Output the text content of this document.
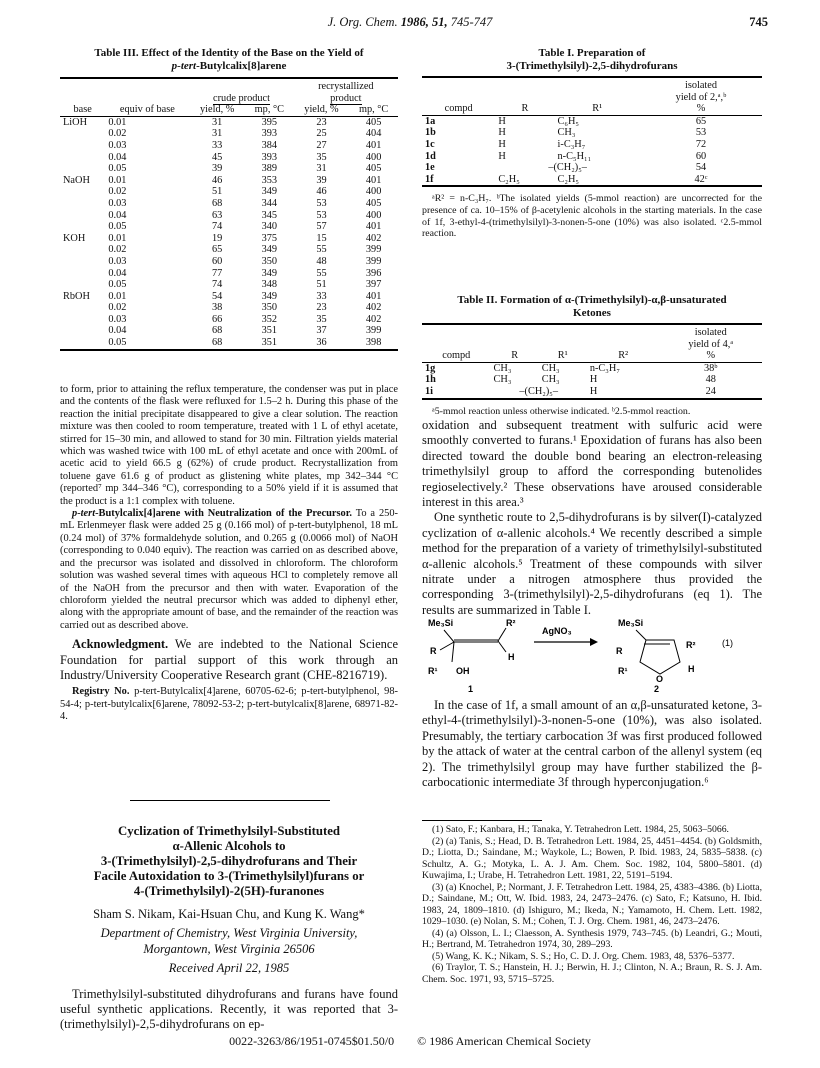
J. Org. Chem. 1986, 51, 745-747	745
Table III. Effect of the Identity of the Base on the Yield of
p-tert-Butylcalix[8]arene
				recrystallized	
		crude product		product	
base	equiv of base	yield, %	mp, °C	yield, %	mp, °C
LiOH	0.01	31	395	23	405
	0.02	31	393	25	404
	0.03	33	384	27	401
	0.04	45	393	35	400
	0.05	39	389	31	405
NaOH	0.01	46	353	39	401
	0.02	51	349	46	400
	0.03	68	344	53	405
	0.04	63	345	53	400
	0.05	74	340	57	401
KOH	0.01	19	375	15	402
	0.02	65	349	55	399
	0.03	60	350	48	399
	0.04	77	349	55	396
	0.05	74	348	51	397
RbOH	0.01	54	349	33	401
	0.02	38	350	23	402
	0.03	66	352	35	402
	0.04	68	351	37	399
	0.05	68	351	36	398

to form, prior to attaining the reflux temperature, the condenser was put in place and the contents of the flask were refluxed for 1.5–2 h. During this phase of the reaction the initial precipitate disappeared to give a clear solution. The reaction mixture was then cooled to room temperature, treated with 1 L of ethyl acetate, stirred for 15–30 min, and allowed to stand for 30 min. Filtration yields material which was washed twice with 100 mL of ethyl acetate and once with 200mL of acetic acid to yield 66.5 g (62%) of crude product. Recrystallization from toluene gave 61.6 g of product as glistening white plates, mp 342–344 °C (reported⁷ mp 344–346 °C), corresponding to a 50% yield if it is assumed that the product is a 1:1 complex with toluene.

p-tert-Butylcalix[4]arene with Neutralization of the Precursor. To a 250-mL Erlenmeyer flask were added 25 g (0.166 mol) of p-tert-butylphenol, 18 mL (0.24 mol) of 37% formaldehyde solution, and 0.265 g (0.0066 mol) of NaOH (corresponding to 0.040 equiv). The reaction was carried on as described above, and the precursor was isolated and dissolved in chloroform. The chloroform solution was washed several times with aqueous HCl to completely remove all of the NaOH from the precursor and then with water. Evaporation of the chloroform yielded the neutral precursor which was added to diphenyl ether, along with the appropriate amount of base, and the remainder of the reaction was carried out as described above.

Acknowledgment. We are indebted to the National Science Foundation for partial support of this work through an Industry/University Cooperative Research grant (CHE-8216719).

Registry No. p-tert-Butylcalix[4]arene, 60705-62-6; p-tert-butylphenol, 98-54-4; p-tert-butylcalix[6]arene, 78092-53-2; p-tert-butylcalix[8]arene, 68971-82-4.

Cyclization of Trimethylsilyl-Substituted
α-Allenic Alcohols to
3-(Trimethylsilyl)-2,5-dihydrofurans and Their
Facile Autoxidation to 3-(Trimethylsilyl)furans or
4-(Trimethylsilyl)-2(5H)-furanones
Sham S. Nikam, Kai-Hsuan Chu, and Kung K. Wang*
Department of Chemistry, West Virginia University,
Morgantown, West Virginia 26506
Received April 22, 1985

Trimethylsilyl-substituted dihydrofurans and furans have found useful synthetic applications. Recently, it was reported that 3-(trimethylsilyl)-2,5-dihydrofurans on ep-

Table I. Preparation of
3-(Trimethylsilyl)-2,5-dihydrofurans
			isolated
			yield of 2,ᵃ,ᵇ
compd	R	R¹	%
1a	H	C₆H₅	65
1b	H	CH₃	53
1c	H	i-C₃H₇	72
1d	H	n-C₅H₁₁	60
1e	–(CH₂)₅–		54
1f	C₂H₅	C₂H₅	42ᶜ

ᵃR² = n-C₃H₇. ᵇThe isolated yields (5-mmol reaction) are uncorrected for the presence of ca. 10–15% of β-acetylenic alcohols in the starting materials. In the case of 1f, 3-ethyl-4-(trimethylsilyl)-3-nonen-5-one (10%) was also isolated. ᶜ2.5-mmol reaction.

Table II. Formation of α-(Trimethylsilyl)-α,β-unsaturated
Ketones
				isolated
				yield of 4,ᵃ
compd	R	R¹	R²	%
1g	CH₃	CH₃	n-C₃H₇	38ᵇ
1h	CH₃	CH₃	H	48
1i	–(CH₂)₅–		H	24

ᵃ5-mmol reaction unless otherwise indicated. ᵇ2.5-mmol reaction.

oxidation and subsequent treatment with sulfuric acid were smoothly converted to furans.¹ Epoxidation of furans has also been directed toward the double bond bearing an electron-releasing trimethylsilyl group to afford the corresponding butenolides regioselectively.² These observations have aroused considerable interest in this area.³

One synthetic route to 2,5-dihydrofurans is by silver(I)-catalyzed cyclization of α-allenic alcohols.⁴ We recently described a simple method for the preparation of a variety of trimethylsilyl-substituted α-allenic alcohols.⁵ Treatment of these compounds with silver nitrate under a nitrogen atmosphere thus provided the corresponding 3-(trimethylsilyl)-2,5-dihydrofurans (eq 1). The results are summarized in Table I.

Me₃Si	R²
H
R
R¹ OH
1
AgNO₃
Me₃Si
O
R
R¹
R²
H
2
(1)

In the case of 1f, a small amount of an α,β-unsaturated ketone, 3-ethyl-4-(trimethylsilyl)-3-nonen-5-one (10%), was also isolated. Presumably, the tertiary carbocation 3f was first produced followed by the attack of water at the central carbon of the allenyl system (eq 2). The trimethylsilyl group may have further stabilized the β-carbocationic intermediate 3f through hyperconjugation.⁶

(1) Sato, F.; Kanbara, H.; Tanaka, Y. Tetrahedron Lett. 1984, 25, 5063–5066.

(2) (a) Tanis, S.; Head, D. B. Tetrahedron Lett. 1984, 25, 4451–4454. (b) Goldsmith, D.; Liotta, D.; Saindane, M.; Waykole, L.; Bowen, P. Ibid. 1983, 24, 5835–5838. (c) Schultz, A. G.; Motyka, L. A. J. Am. Chem. Soc. 1982, 104, 5800–5801. (d) Kuwajima, I.; Urabe, H. Tetrahedron Lett. 1981, 22, 5191–5194.

(3) (a) Knochel, P.; Normant, J. F. Tetrahedron Lett. 1984, 25, 4383–4386. (b) Liotta, D.; Saindane, M.; Ott, W. Ibid. 1983, 24, 2473–2476. (c) Sato, F.; Katsuno, H. Ibid. 1983, 24, 1809–1810. (d) Ishiguro, M.; Ikeda, N.; Yamamoto, H. Chem. Lett. 1982, 1029–1030. (e) Nolan, S. M.; Cohen, T. J. Org. Chem. 1981, 46, 2473–2476.

(4) (a) Olsson, L. I.; Claesson, A. Synthesis 1979, 743–745. (b) Leandri, G.; Mouti, H.; Bertrand, M. Tetrahedron 1974, 30, 289–293.

(5) Wang, K. K.; Nikam, S. S.; Ho, C. D. J. Org. Chem. 1983, 48, 5376–5377.

(6) Traylor, T. S.; Hanstein, H. J.; Berwin, H. J.; Clinton, N. A.; Braun, R. S. J. Am. Chem. Soc. 1971, 93, 5715–5725.

0022-3263/86/1951-0745$01.50/0 © 1986 American Chemical Society
